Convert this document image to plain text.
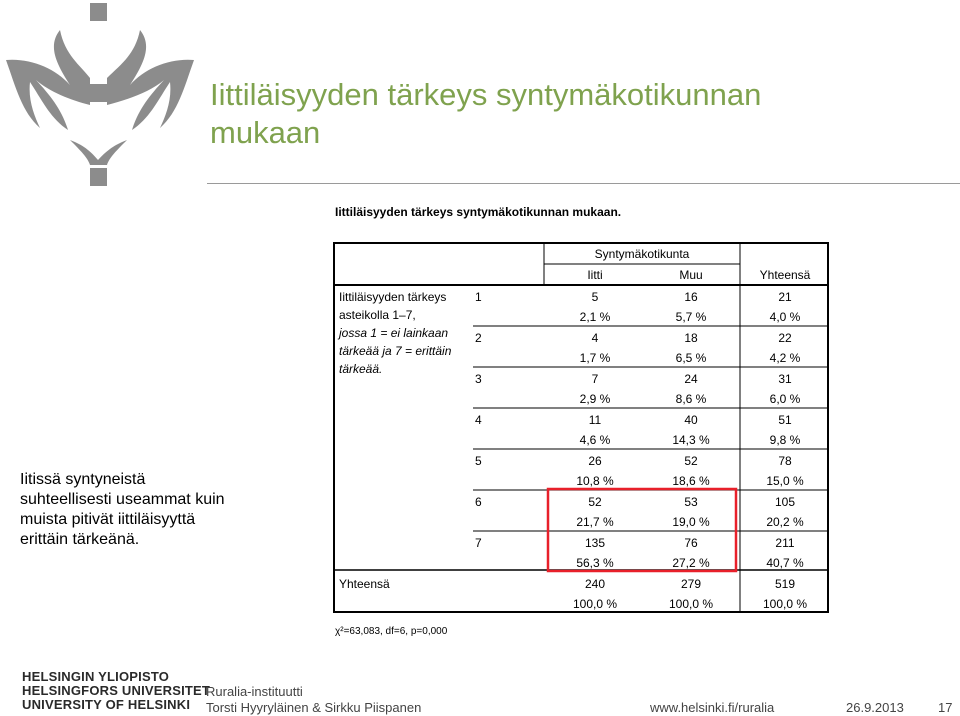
Iittiläisyyden tärkeys syntymäkotikunnan
mukaan
Iitissä syntyneistä
suhteellisesti useammat kuin
muista pitivät iittiläisyyttä
erittäin tärkeänä.
Iittiläisyyden tärkeys syntymäkotikunnan mukaan.
Syntymäkotikunta
Iitti	Muu	Yhteensä
Iittiläisyyden tärkeys
asteikolla 1–7,
jossa 1 = ei lainkaan
tärkeää ja 7 = erittäin
tärkeää.
1	5	16	21
2,1 %	5,7 %	4,0 %
2	4	18	22
1,7 %	6,5 %	4,2 %
3	7	24	31
2,9 %	8,6 %	6,0 %
4	11	40	51
4,6 %	14,3 %	9,8 %
5	26	52	78
10,8 %	18,6 %	15,0 %
6	52	53	105
21,7 %	19,0 %	20,2 %
7	135	76	211
56,3 %	27,2 %	40,7 %
Yhteensä	240	279	519
100,0 %	100,0 %	100,0 %
χ²=63,083, df=6, p=0,000
HELSINGIN YLIOPISTO
HELSINGFORS UNIVERSITET
UNIVERSITY OF HELSINKI
Ruralia-instituutti
Torsti Hyyryläinen & Sirkku Piispanen	www.helsinki.fi/ruralia	26.9.2013	17
